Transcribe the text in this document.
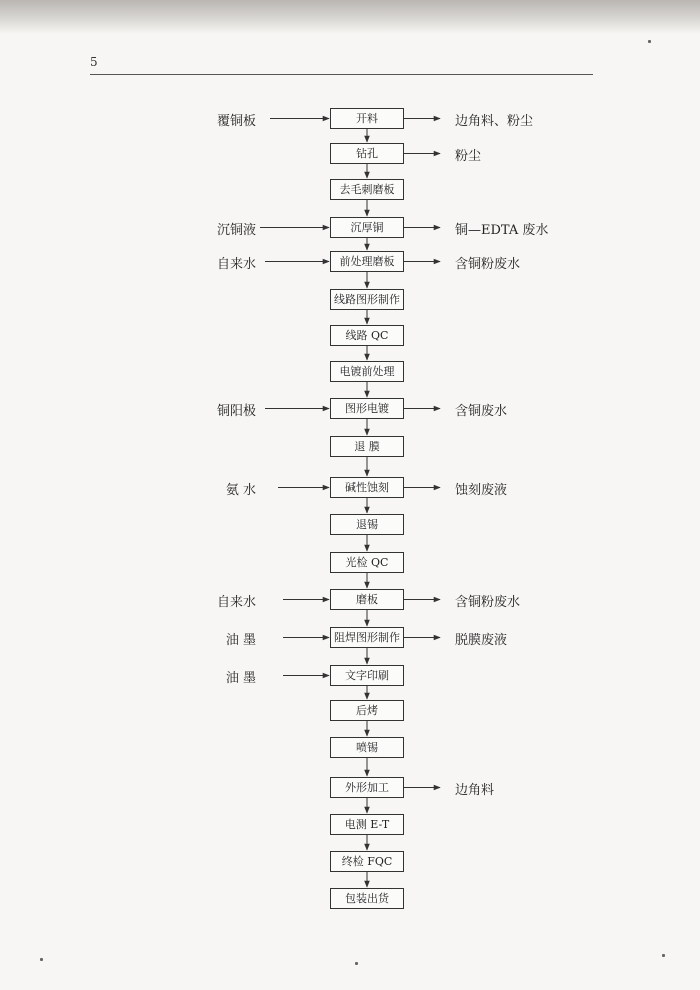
5
开料
覆铜板	边角料、粉尘
钻孔	粉尘
去毛刺磨板
沉厚铜
沉铜液	铜—EDTA 废水
前处理磨板
自来水	含铜粉废水
线路图形制作
线路 QC
电镀前处理
图形电镀
铜阳极	含铜废水
退 膜
碱性蚀刻
氨 水	蚀刻废液
退锡
光检 QC
磨板
自来水	含铜粉废水
阻焊图形制作
油 墨	脱膜废液
文字印刷
油 墨
后烤
喷锡
外形加工	边角料
电测 E-T
终检 FQC
包装出货
